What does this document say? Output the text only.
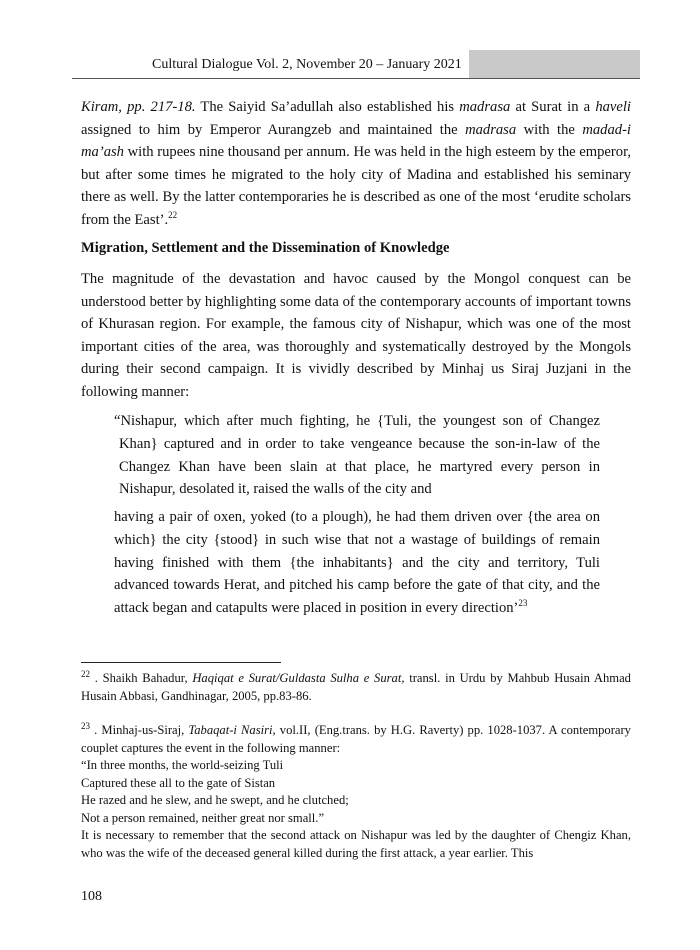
Cultural Dialogue Vol. 2, November 20 – January 2021

Kiram, pp. 217-18. The Saiyid Sa’adullah also established his madrasa at Surat in a haveli assigned to him by Emperor Aurangzeb and maintained the madrasa with the madad-i ma’ash with rupees nine thousand per annum. He was held in the high esteem by the emperor, but after some times he migrated to the holy city of Madina and established his seminary there as well. By the latter contemporaries he is described as one of the most ‘erudite scholars from the East’.$^{22}$

Migration, Settlement and the Dissemination of Knowledge

The magnitude of the devastation and havoc caused by the Mongol conquest can be understood better by highlighting some data of the contemporary accounts of important towns of Khurasan region. For example, the famous city of Nishapur, which was one of the most important cities of the area, was thoroughly and systematically destroyed by the Mongols during their second campaign. It is vividly described by Minhaj us Siraj Juzjani in the following manner:

“Nishapur, which after much fighting, he {Tuli, the youngest son of Changez Khan} captured and in order to take vengeance because the son-in-law of the Changez Khan have been slain at that place, he martyred every person in Nishapur, desolated it, raised the walls of the city and

having a pair of oxen, yoked (to a plough), he had them driven over {the area on which} the city {stood} in such wise that not a wastage of buildings of remain having finished with them {the inhabitants} and the city and territory, Tuli advanced towards Herat, and pitched his camp before the gate of that city, and the attack began and catapults were placed in position in every direction’$^{23}$

$^{22}$ . Shaikh Bahadur, Haqiqat e Surat/Guldasta Sulha e Surat, transl. in Urdu by Mahbub Husain Ahmad Husain Abbasi, Gandhinagar, 2005, pp.83-86.

$^{23}$ . Minhaj-us-Siraj, Tabaqat-i Nasiri, vol.II, (Eng.trans. by H.G. Raverty) pp. 1028-1037. A contemporary couplet captures the event in the following manner:

“In three months, the world-seizing Tuli

Captured these all to the gate of Sistan

He razed and he slew, and he swept, and he clutched;

Not a person remained, neither great nor small.”

It is necessary to remember that the second attack on Nishapur was led by the daughter of Chengiz Khan, who was the wife of the deceased general killed during the first attack, a year earlier. This

108
